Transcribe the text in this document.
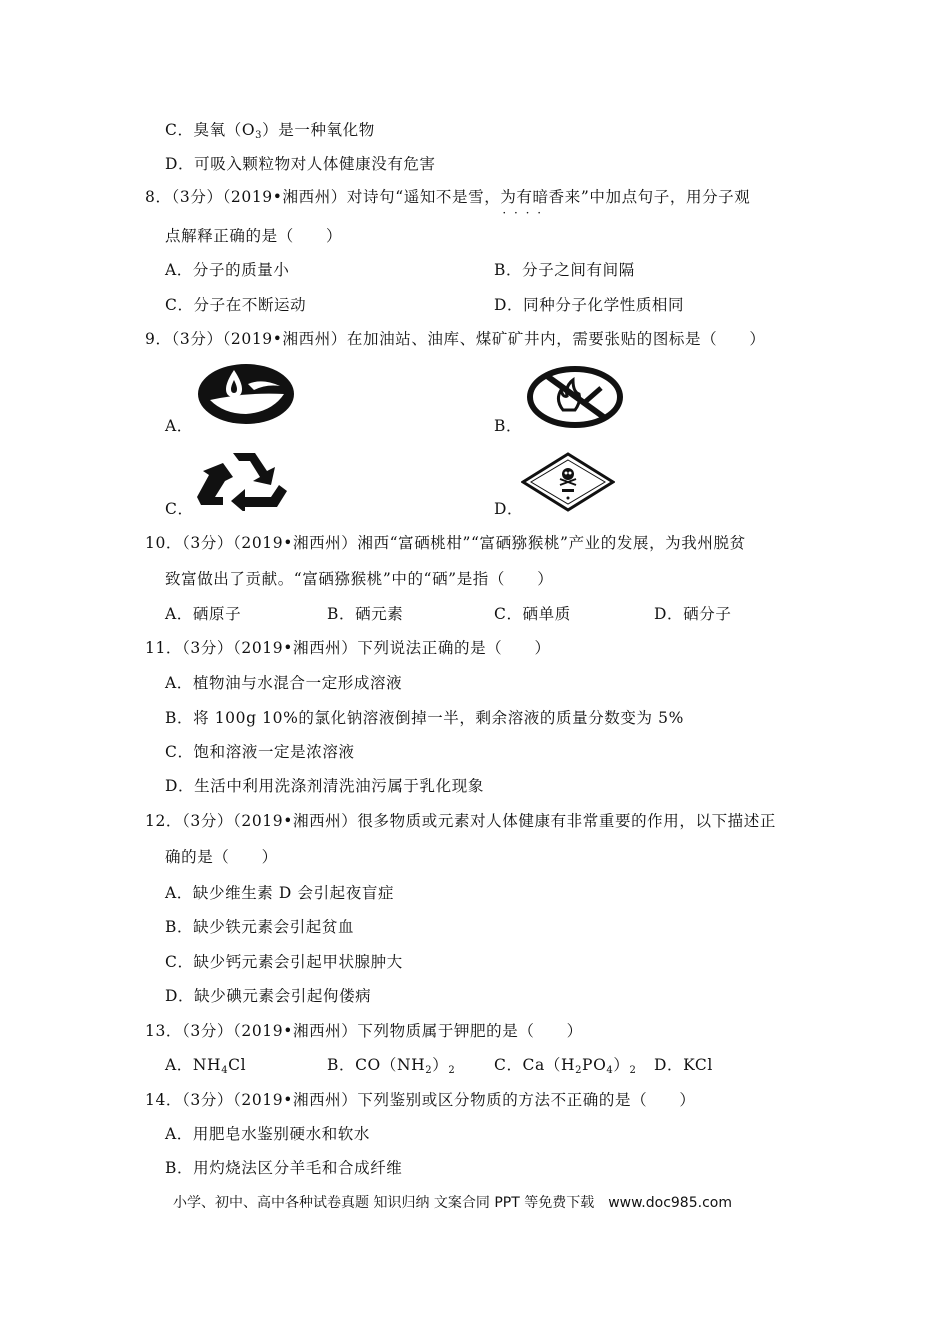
C．臭氧（O3）是一种氧化物
D．可吸入颗粒物对人体健康没有危害
8．（3分）（2019•湘西州）对诗句“遥知不是雪，为有暗香来 · · · ·”中加点句子，用分子观
点解释正确的是（　　）
A．分子的质量小	B．分子之间有间隔
C．分子在不断运动	D．同种分子化学性质相同
9．（3分）（2019•湘西州）在加油站、油库、煤矿矿井内，需要张贴的图标是（　　）
A．	B．
C．	D．
10．（3分）（2019•湘西州）湘西“富硒桃柑”“富硒猕猴桃”产业的发展，为我州脱贫
致富做出了贡献。“富硒猕猴桃”中的“硒”是指（　　）
A．硒原子	B．硒元素	C．硒单质	D．硒分子
11．（3分）（2019•湘西州）下列说法正确的是（　　）
A．植物油与水混合一定形成溶液
B．将 100g 10%的氯化钠溶液倒掉一半，剩余溶液的质量分数变为 5%
C．饱和溶液一定是浓溶液
D．生活中利用洗涤剂清洗油污属于乳化现象
12．（3分）（2019•湘西州）很多物质或元素对人体健康有非常重要的作用，以下描述正
确的是（　　）
A．缺少维生素 D 会引起夜盲症
B．缺少铁元素会引起贫血
C．缺少钙元素会引起甲状腺肿大
D．缺少碘元素会引起佝偻病
13．（3分）（2019•湘西州）下列物质属于钾肥的是（　　）
A．NH4Cl	B．CO（NH2）2 C．Ca（H2PO4）2 D．KCl
14．（3分）（2019•湘西州）下列鉴别或区分物质的方法不正确的是（　　）
A．用肥皂水鉴别硬水和软水
B．用灼烧法区分羊毛和合成纤维
小学、初中、高中各种试卷真题 知识归纳 文案合同 PPT 等免费下载　www.doc985.com
